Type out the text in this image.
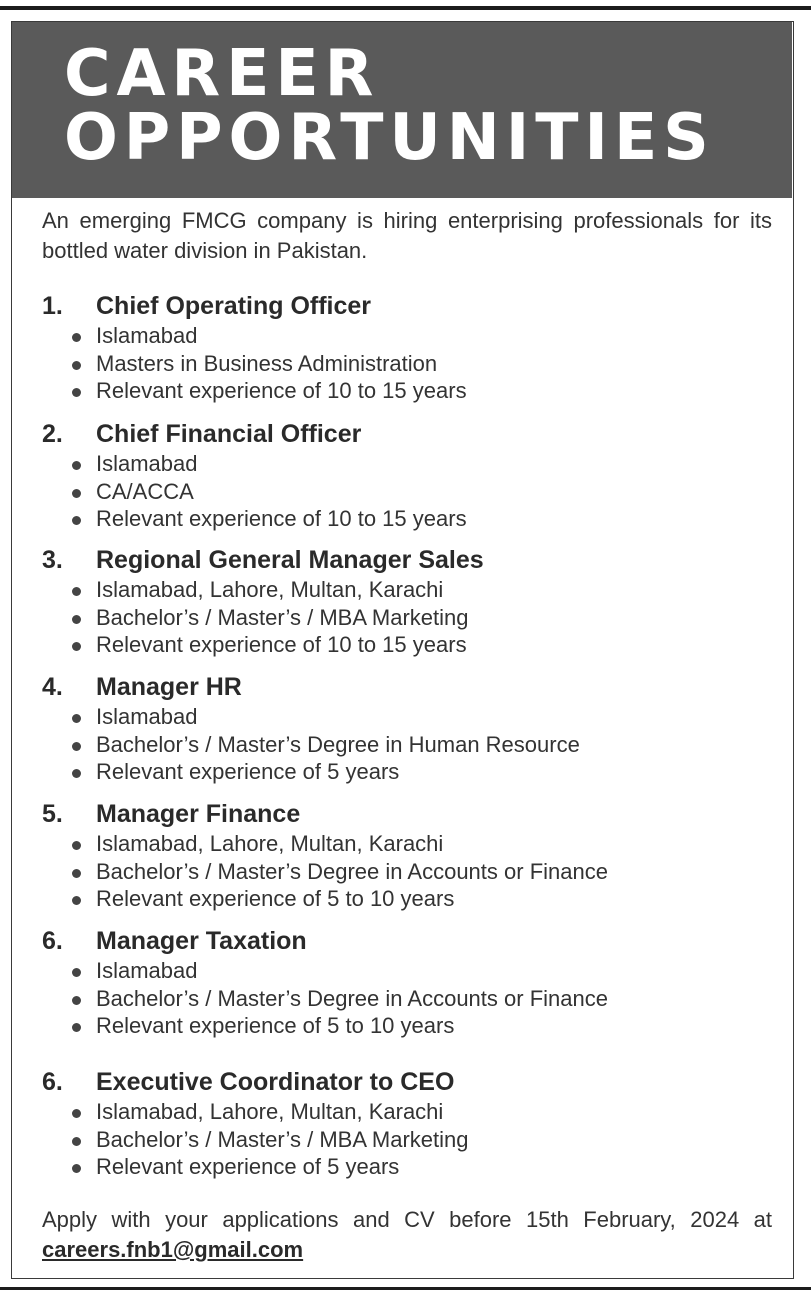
CAREER
OPPORTUNITIES
An emerging FMCG company is hiring enterprising professionals for its bottled water division in Pakistan.
1. Chief Operating Officer
Islamabad
Masters in Business Administration
Relevant experience of 10 to 15 years
2. Chief Financial Officer
Islamabad
CA/ACCA
Relevant experience of 10 to 15 years
3. Regional General Manager Sales
Islamabad, Lahore, Multan, Karachi
Bachelor’s / Master’s / MBA Marketing
Relevant experience of 10 to 15 years
4. Manager HR
Islamabad
Bachelor’s / Master’s Degree in Human Resource
Relevant experience of 5 years
5. Manager Finance
Islamabad, Lahore, Multan, Karachi
Bachelor’s / Master’s Degree in Accounts or Finance
Relevant experience of 5 to 10 years
6. Manager Taxation
Islamabad
Bachelor’s / Master’s Degree in Accounts or Finance
Relevant experience of 5 to 10 years
6. Executive Coordinator to CEO
Islamabad, Lahore, Multan, Karachi
Bachelor’s / Master’s / MBA Marketing
Relevant experience of 5 years
Apply with your applications and CV before 15th February, 2024 at careers.fnb1@gmail.com
